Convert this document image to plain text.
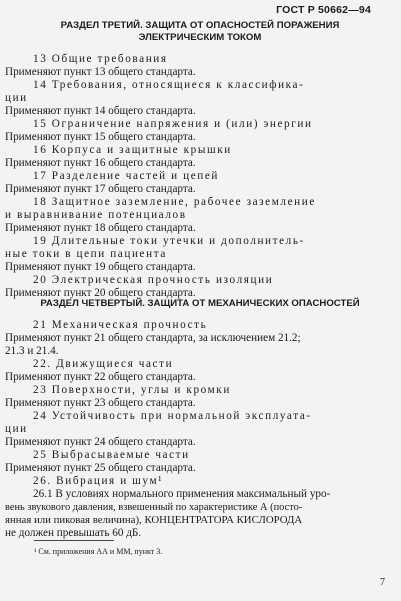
ГОСТ Р 50662—94
РАЗДЕЛ ТРЕТИЙ. ЗАЩИТА ОТ ОПАСНОСТЕЙ ПОРАЖЕНИЯ
ЭЛЕКТРИЧЕСКИМ ТОКОМ
13 Общие требования
Применяют пункт 13 общего стандарта.
14 Требования, относящиеся к классифика-
ции
Применяют пункт 14 общего стандарта.
15 Ограничение напряжения и (или) энергии
Применяют пункт 15 общего стандарта.
16 Корпуса и защитные крышки
Применяют пункт 16 общего стандарта.
17 Разделение частей и цепей
Применяют пункт 17 общего стандарта.
18 Защитное заземление, рабочее заземление
и выравнивание потенциалов
Применяют пункт 18 общего стандарта.
19 Длительные токи утечки и дополнитель-
ные токи в цепи пациента
Применяют пункт 19 общего стандарта.
20 Электрическая прочность изоляции
Применяют пункт 20 общего стандарта.
РАЗДЕЛ ЧЕТВЕРТЫЙ. ЗАЩИТА ОТ МЕХАНИЧЕСКИХ ОПАСНОСТЕЙ
21 Механическая прочность
Применяют пункт 21 общего стандарта, за исключением 21.2;
21.3 и 21.4.
22. Движущиеся части
Применяют пункт 22 общего стандарта.
23 Поверхности, углы и кромки
Применяют пункт 23 общего стандарта.
24 Устойчивость при нормальной эксплуата-
ции
Применяют пункт 24 общего стандарта.
25 Выбрасываемые части
Применяют пункт 25 общего стандарта.
26. Вибрация и шум¹
26.1 В условиях нормального применения максимальный уро-
вень звукового давления, взвешенный по характеристике А (посто-
янная или пиковая величина), КОНЦЕНТРАТОРА КИСЛОРОДА
не должен превышать 60 дБ.
¹ См. приложения АА и ММ, пункт 3.
7
